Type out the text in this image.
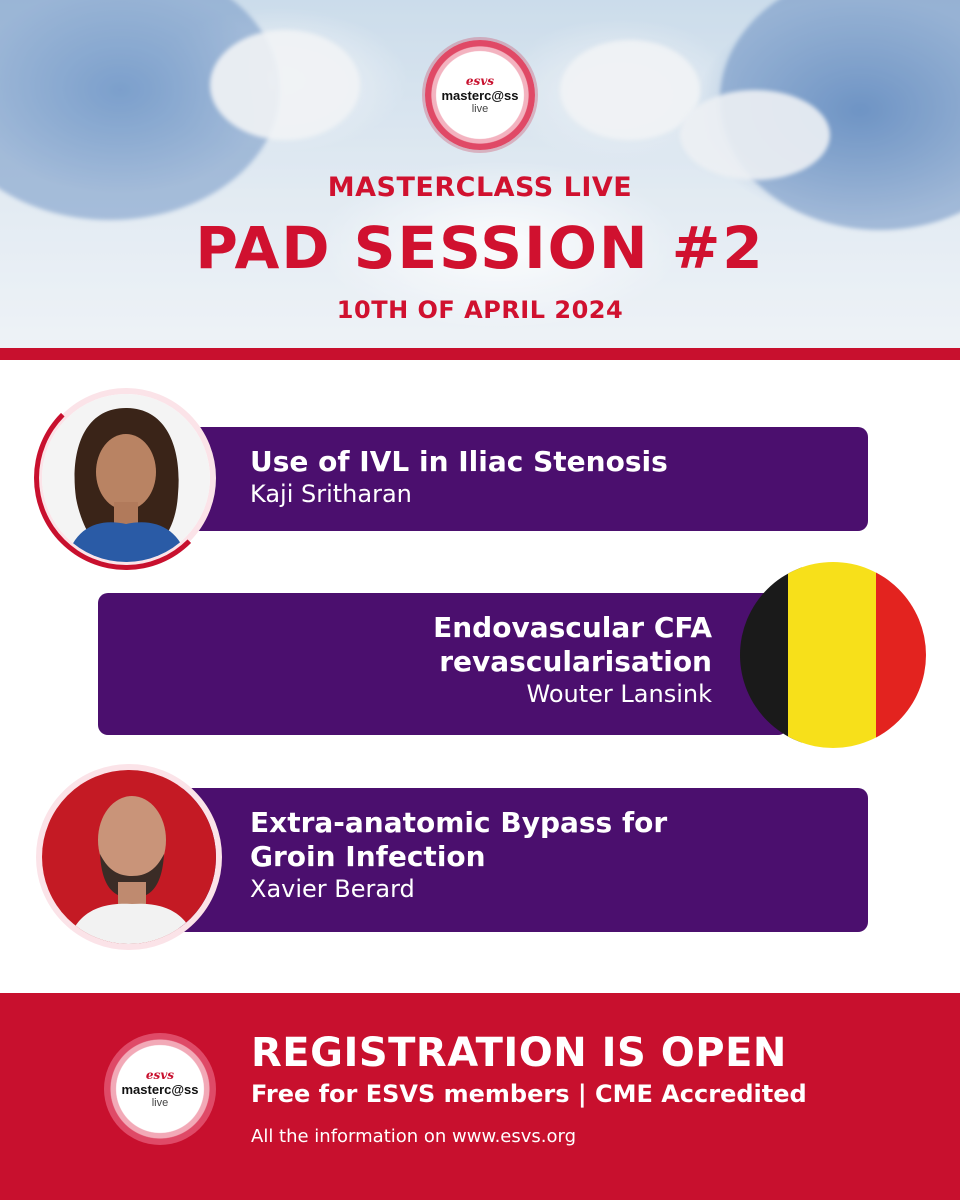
esvs
masterc@ss
live
MASTERCLASS LIVE
PAD SESSION #2
10TH OF APRIL 2024
Use of IVL in Iliac Stenosis
Kaji Sritharan
Endovascular CFA
revascularisation
Wouter Lansink
Extra-anatomic Bypass for
Groin Infection
Xavier Berard
esvs
masterc@ss
live
REGISTRATION IS OPEN
Free for ESVS members | CME Accredited
All the information on www.esvs.org
